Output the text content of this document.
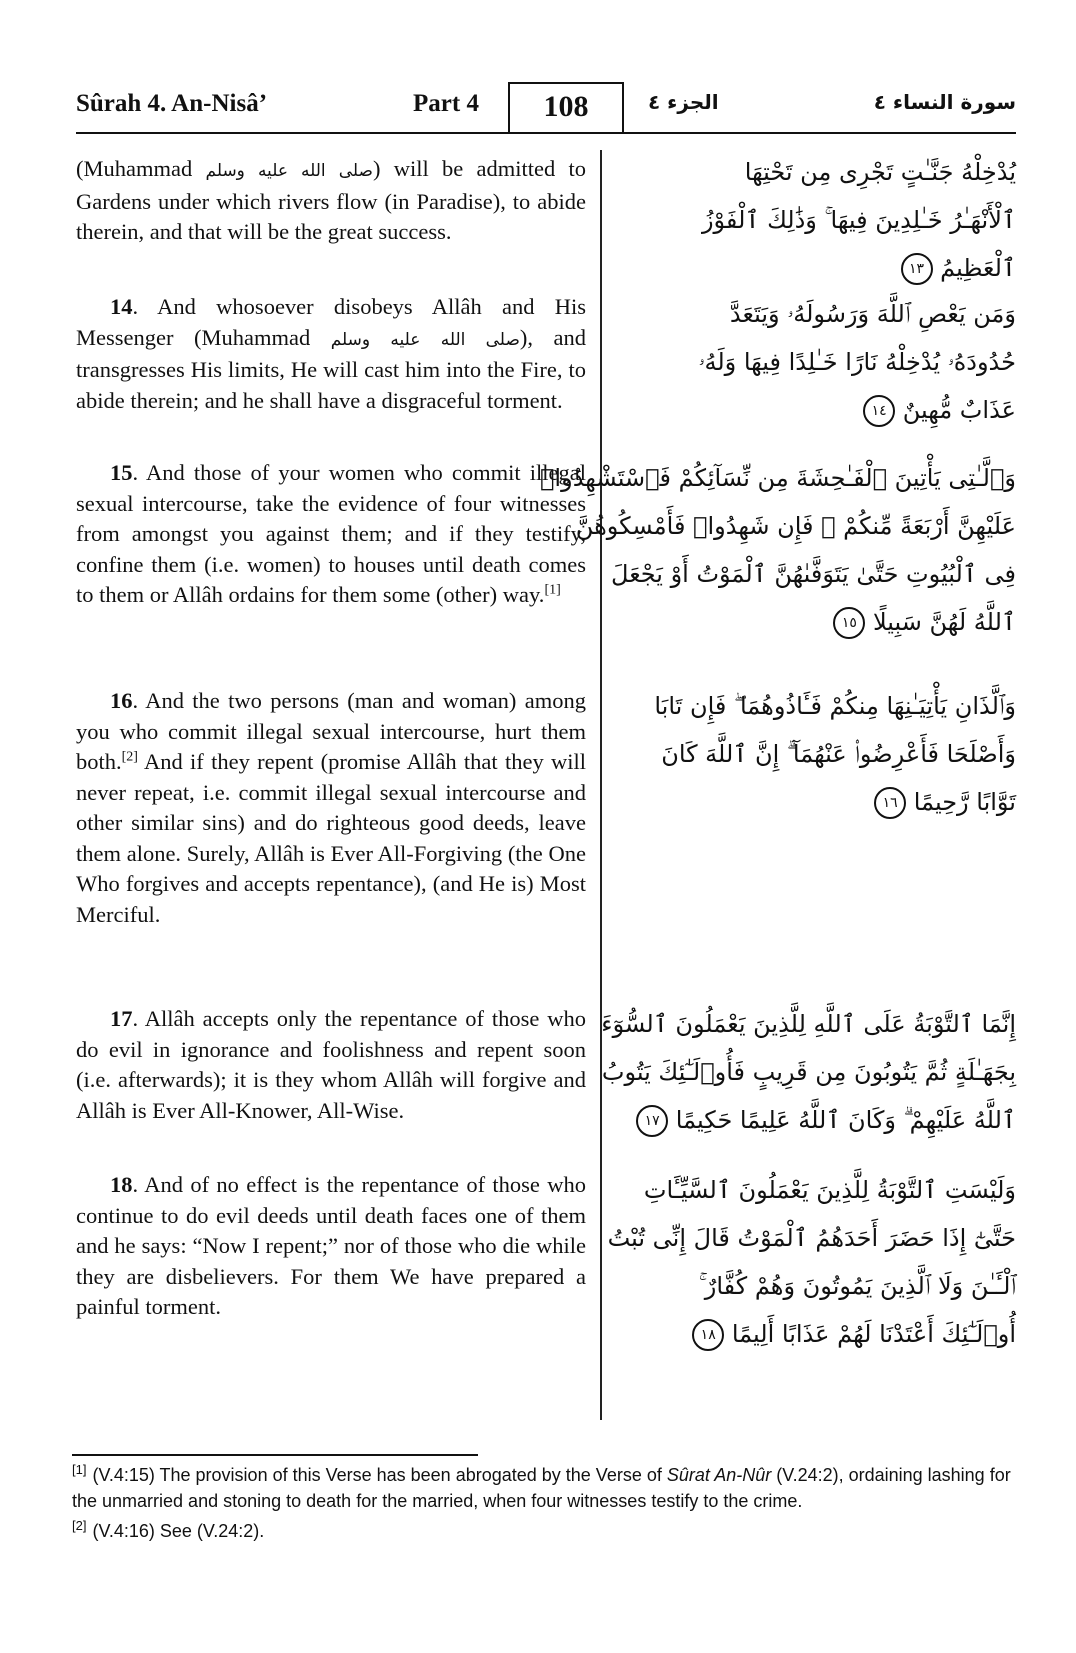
Sûrah 4. An-Nisâ’	Part 4	108	الجزء ٤	سورة النساء ٤
(Muhammad صلى الله عليه وسلم) will be admitted to Gardens under which rivers flow (in Paradise), to abide therein, and that will be the great success.
14. And whosoever disobeys Allâh and His Messenger (Muhammad صلى الله عليه وسلم), and transgresses His limits, He will cast him into the Fire, to abide therein; and he shall have a disgraceful torment.
15. And those of your women who commit illegal sexual intercourse, take the evidence of four witnesses from amongst you against them; and if they testify, confine them (i.e. women) to houses until death comes to them or Allâh ordains for them some (other) way.[1]
16. And the two persons (man and woman) among you who commit illegal sexual intercourse, hurt them both.[2] And if they repent (promise Allâh that they will never repeat, i.e. commit illegal sexual intercourse and other similar sins) and do righteous good deeds, leave them alone. Surely, Allâh is Ever All-Forgiving (the One Who forgives and accepts repentance), (and He is) Most Merciful.
17. Allâh accepts only the repentance of those who do evil in ignorance and foolishness and repent soon (i.e. afterwards); it is they whom Allâh will forgive and Allâh is Ever All-Knower, All-Wise.
18. And of no effect is the repentance of those who continue to do evil deeds until death faces one of them and he says: “Now I repent;” nor of those who die while they are disbelievers. For them We have prepared a painful torment.
يُدْخِلْهُ جَنَّـٰتٍ تَجْرِى مِن تَحْتِهَا
ٱلْأَنْهَـٰرُ خَـٰلِدِينَ فِيهَا ۚ وَذَٰلِكَ ٱلْفَوْزُ
ٱلْعَظِيمُ ١٣
وَمَن يَعْصِ ٱللَّهَ وَرَسُولَهُۥ وَيَتَعَدَّ
حُدُودَهُۥ يُدْخِلْهُ نَارًا خَـٰلِدًا فِيهَا وَلَهُۥ
عَذَابٌ مُّهِينٌ ١٤
وَٱلَّـٰتِى يَأْتِينَ ٱلْفَـٰحِشَةَ مِن نِّسَآئِكُمْ فَٱسْتَشْهِدُوا۟
عَلَيْهِنَّ أَرْبَعَةً مِّنكُمْ ۖ فَإِن شَهِدُوا۟ فَأَمْسِكُوهُنَّ
فِى ٱلْبُيُوتِ حَتَّىٰ يَتَوَفَّىٰهُنَّ ٱلْمَوْتُ أَوْ يَجْعَلَ
ٱللَّهُ لَهُنَّ سَبِيلًا ١٥
وَٱلَّذَانِ يَأْتِيَـٰنِهَا مِنكُمْ فَـَٔاذُوهُمَا ۖ فَإِن تَابَا
وَأَصْلَحَا فَأَعْرِضُوا۟ عَنْهُمَآ ۗ إِنَّ ٱللَّهَ كَانَ
تَوَّابًا رَّحِيمًا ١٦
إِنَّمَا ٱلتَّوْبَةُ عَلَى ٱللَّهِ لِلَّذِينَ يَعْمَلُونَ ٱلسُّوٓءَ
بِجَهَـٰلَةٍ ثُمَّ يَتُوبُونَ مِن قَرِيبٍ فَأُو۟لَـٰٓئِكَ يَتُوبُ
ٱللَّهُ عَلَيْهِمْ ۗ وَكَانَ ٱللَّهُ عَلِيمًا حَكِيمًا ١٧
وَلَيْسَتِ ٱلتَّوْبَةُ لِلَّذِينَ يَعْمَلُونَ ٱلسَّيِّـَٔاتِ
حَتَّىٰٓ إِذَا حَضَرَ أَحَدَهُمُ ٱلْمَوْتُ قَالَ إِنِّى تُبْتُ
ٱلْـَٔـٰنَ وَلَا ٱلَّذِينَ يَمُوتُونَ وَهُمْ كُفَّارٌ ۚ
أُو۟لَـٰٓئِكَ أَعْتَدْنَا لَهُمْ عَذَابًا أَلِيمًا ١٨
[1] (V.4:15) The provision of this Verse has been abrogated by the Verse of Sûrat An-Nûr (V.24:2), ordaining lashing for the unmarried and stoning to death for the married, when four witnesses testify to the crime.
[2] (V.4:16) See (V.24:2).
